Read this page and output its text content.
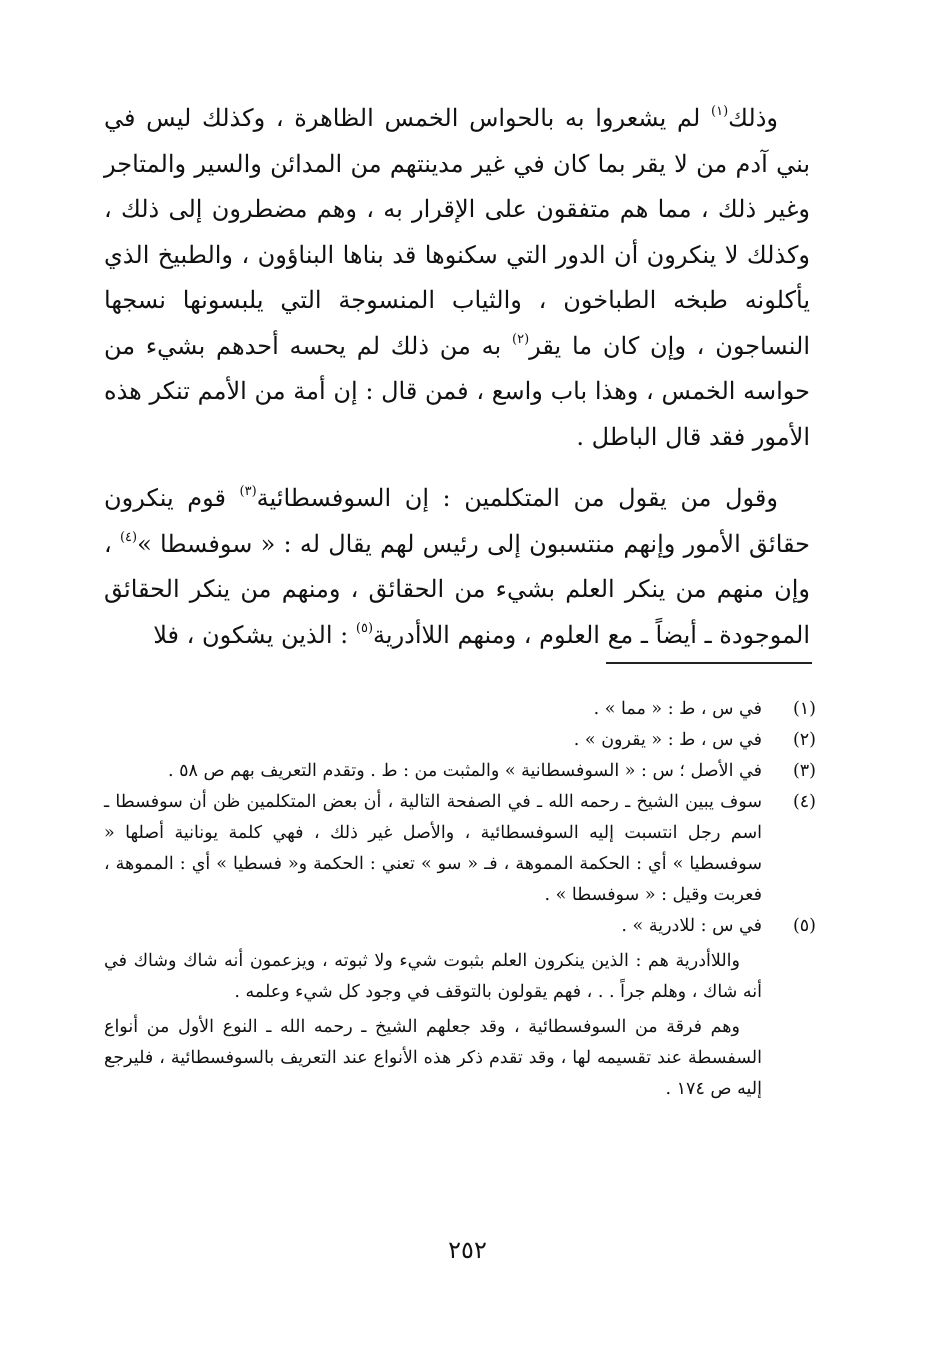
وذلك$^{(١)}$ لم يشعروا به بالحواس الخمس الظاهرة ، وكذلك ليس في بني آدم من لا يقر بما كان في غير مدينتهم من المدائن والسير والمتاجر وغير ذلك ، مما هم متفقون على الإقرار به ، وهم مضطرون إلى ذلك ، وكذلك لا ينكرون أن الدور التي سكنوها قد بناها البناؤون ، والطبيخ الذي يأكلونه طبخه الطباخون ، والثياب المنسوجة التي يلبسونها نسجها النساجون ، وإن كان ما يقر$^{(٢)}$ به من ذلك لم يحسه أحدهم بشيء من حواسه الخمس ، وهذا باب واسع ، فمن قال : إن أمة من الأمم تنكر هذه الأمور فقد قال الباطل .

وقول من يقول من المتكلمين : إن السوفسطائية$^{(٣)}$ قوم ينكرون حقائق الأمور وإنهم منتسبون إلى رئيس لهم يقال له : « سوفسطا »$^{(٤)}$ ، وإن منهم من ينكر العلم بشيء من الحقائق ، ومنهم من ينكر الحقائق الموجودة ـ أيضاً ـ مع العلوم ، ومنهم اللاأدرية$^{(٥)}$ : الذين يشكون ، فلا

(١)

في س ، ط : « مما » .

(٢)

في س ، ط : « يقرون » .

(٣)

في الأصل ؛ س : « السوفسطانية » والمثبت من : ط . وتقدم التعريف بهم ص ٥٨ .

(٤)

سوف يبين الشيخ ـ رحمه الله ـ في الصفحة التالية ، أن بعض المتكلمين ظن أن سوفسطا ـ اسم رجل انتسبت إليه السوفسطائية ، والأصل غير ذلك ، فهي كلمة يونانية أصلها « سوفسطيا » أي : الحكمة المموهة ، فـ « سو » تعني : الحكمة و« فسطيا » أي : المموهة ، فعربت وقيل : « سوفسطا » .

(٥)

في س : للادرية » .

واللاأدرية هم : الذين ينكرون العلم بثبوت شيء ولا ثبوته ، ويزعمون أنه شاك وشاك في أنه شاك ، وهلم جراً . . ، فهم يقولون بالتوقف في وجود كل شيء وعلمه .

وهم فرقة من السوفسطائية ، وقد جعلهم الشيخ ـ رحمه الله ـ النوع الأول من أنواع السفسطة عند تقسيمه لها ، وقد تقدم ذكر هذه الأنواع عند التعريف بالسوفسطائية ، فليرجع إليه ص ١٧٤ .

٢٥٢
